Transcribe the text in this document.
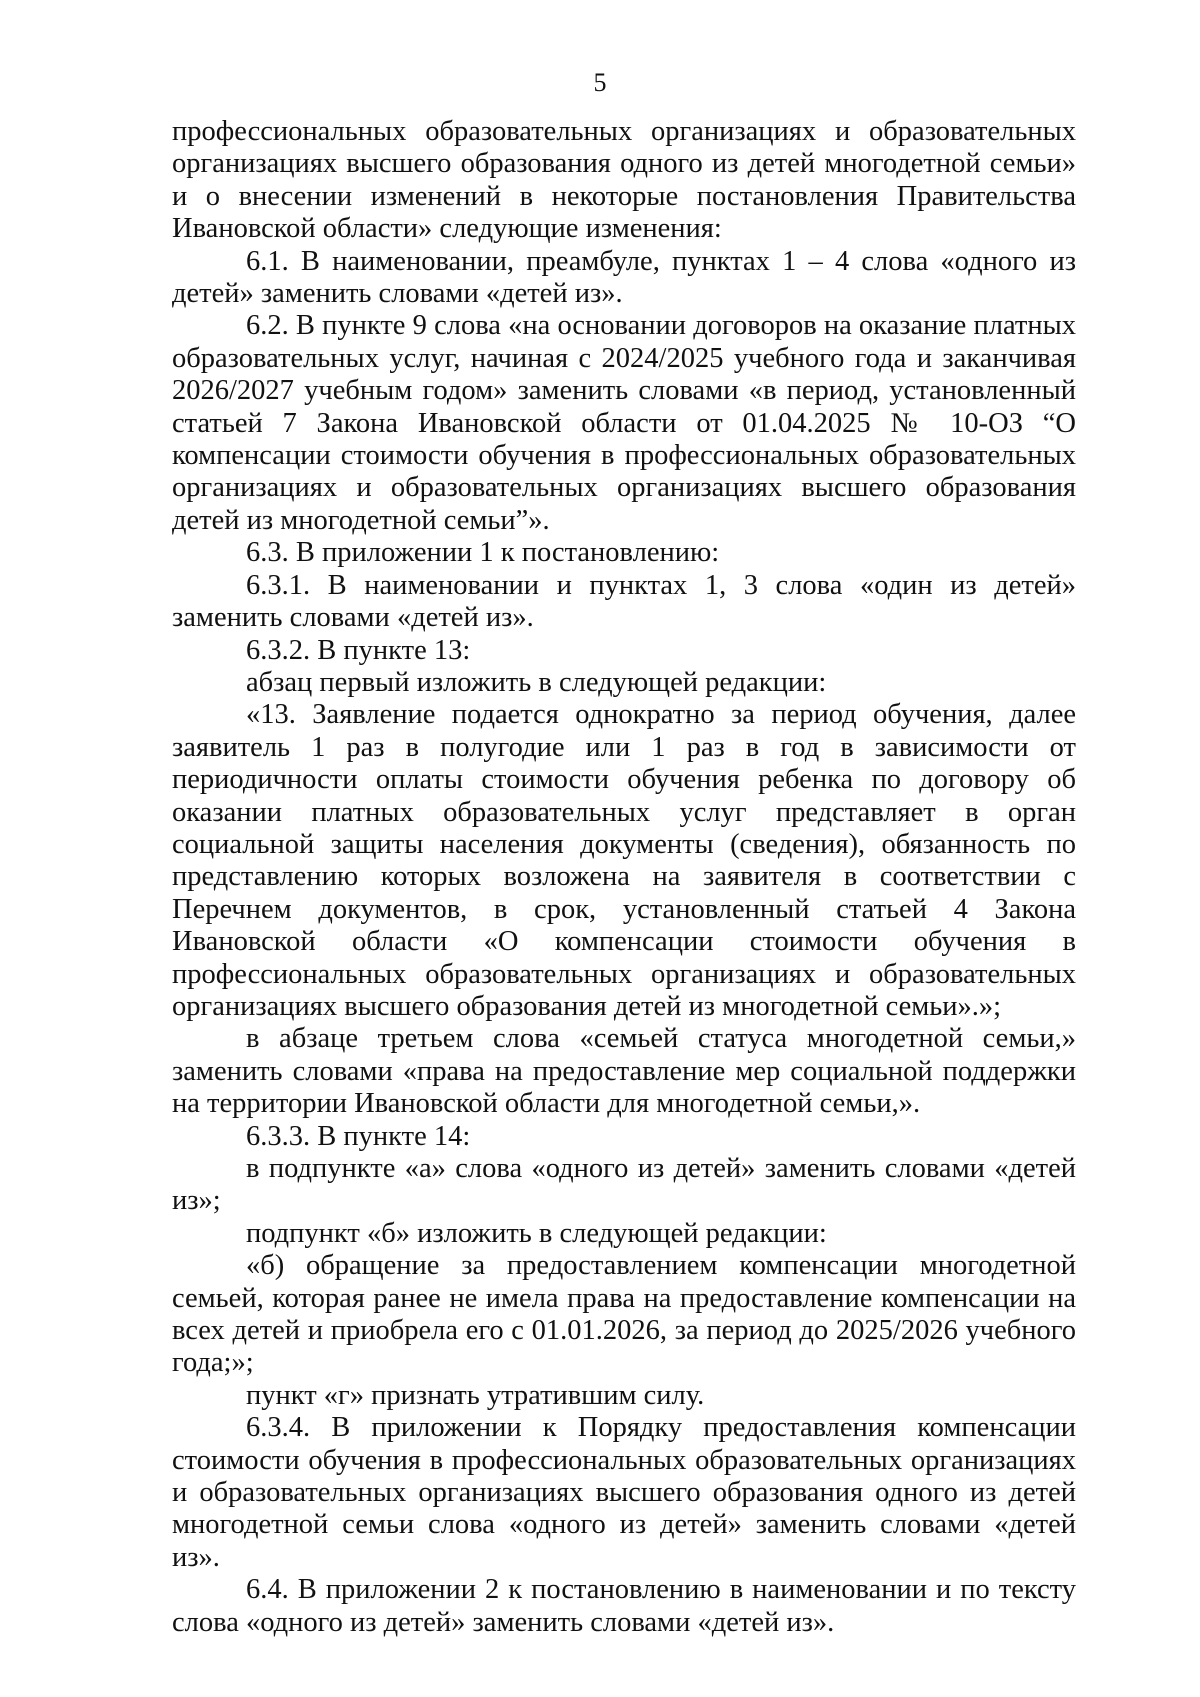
5

профессиональных образовательных организациях и образовательных организациях высшего образования одного из детей многодетной семьи» и о внесении изменений в некоторые постановления Правительства Ивановской области» следующие изменения:

6.1. В наименовании, преамбуле, пунктах 1 – 4 слова «одного из детей» заменить словами «детей из».

6.2. В пункте 9 слова «на основании договоров на оказание платных образовательных услуг, начиная с 2024/2025 учебного года и заканчивая 2026/2027 учебным годом» заменить словами «в период, установленный статьей 7 Закона Ивановской области от 01.04.2025 № 10-ОЗ “О компенсации стоимости обучения в профессиональных образовательных организациях и образовательных организациях высшего образования детей из многодетной семьи”».

6.3. В приложении 1 к постановлению:

6.3.1. В наименовании и пунктах 1, 3 слова «один из детей» заменить словами «детей из».

6.3.2. В пункте 13:

абзац первый изложить в следующей редакции:

«13. Заявление подается однократно за период обучения, далее заявитель 1 раз в полугодие или 1 раз в год в зависимости от периодичности оплаты стоимости обучения ребенка по договору об оказании платных образовательных услуг представляет в орган социальной защиты населения документы (сведения), обязанность по представлению которых возложена на заявителя в соответствии с Перечнем документов, в срок, установленный статьей 4 Закона Ивановской области «О компенсации стоимости обучения в профессиональных образовательных организациях и образовательных организациях высшего образования детей из многодетной семьи».»;

в абзаце третьем слова «семьей статуса многодетной семьи,» заменить словами «права на предоставление мер социальной поддержки на территории Ивановской области для многодетной семьи,».

6.3.3. В пункте 14:

в подпункте «а» слова «одного из детей» заменить словами «детей из»;

подпункт «б» изложить в следующей редакции:

«б) обращение за предоставлением компенсации многодетной семьей, которая ранее не имела права на предоставление компенсации на всех детей и приобрела его с 01.01.2026, за период до 2025/2026 учебного года;»;

пункт «г» признать утратившим силу.

6.3.4. В приложении к Порядку предоставления компенсации стоимости обучения в профессиональных образовательных организациях и образовательных организациях высшего образования одного из детей многодетной семьи слова «одного из детей» заменить словами «детей из».

6.4. В приложении 2 к постановлению в наименовании и по тексту слова «одного из детей» заменить словами «детей из».
